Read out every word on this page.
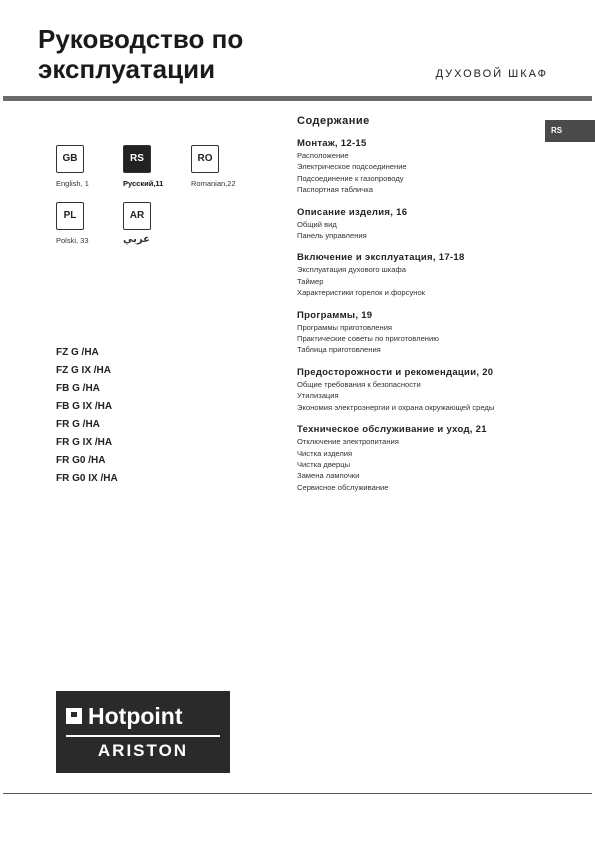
Руководство по
эксплуатации	ДУХОВОЙ ШКАФ
RS
GB
English, 1
RS
Русский,11
RO
Romanian,22
PL
Polski, 33
AR
عربي
FZ G /HA
FZ G IX /HA
FB G /HA
FB G IX /HA
FR G /HA
FR G IX /HA
FR G0 /HA
FR G0 IX /HA
Содержание
Монтаж, 12-15
Расположение
Электрическое подсоединение
Подсоединение к газопроводу
Паспортная табличка
Описание изделия, 16
Общий вид
Панель управления
Включение и эксплуатация, 17-18
Эксплуатация духового шкафа
Таймер
Характеристики горелок и форсунок
Программы, 19
Программы приготовления
Практические советы по приготовлению
Таблица приготовления
Предосторожности и рекомендации, 20
Общие требования к безопасности
Утилизация
Экономия электроэнергии и охрана окружающей среды
Техническое обслуживание и уход, 21
Отключение электропитания
Чистка изделия
Чистка дверцы
Замена лампочки
Сервисное обслуживание
Hotpoint
ARISTON
